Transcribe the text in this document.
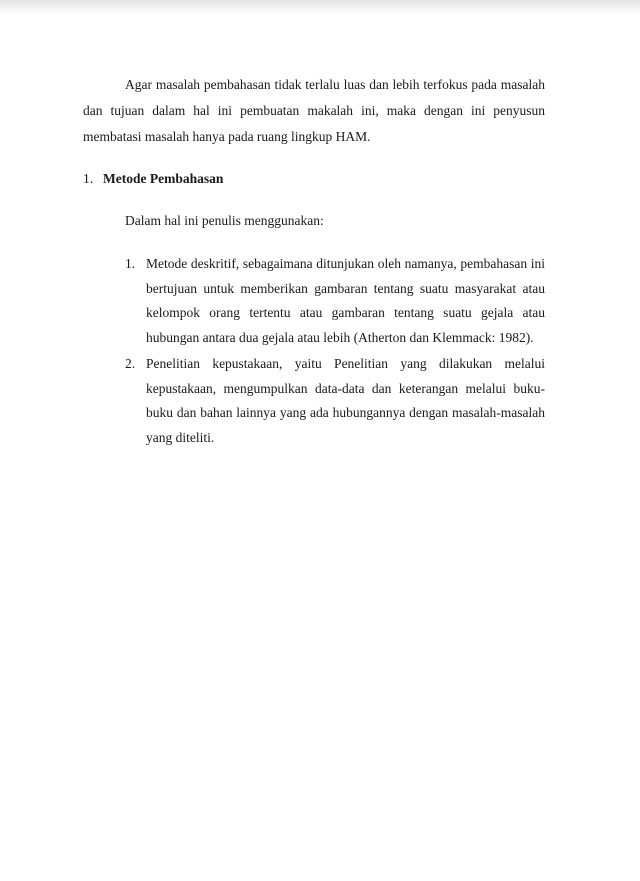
Agar masalah pembahasan tidak terlalu luas dan lebih terfokus pada masalah dan tujuan dalam hal ini pembuatan makalah ini, maka dengan ini penyusun membatasi masalah hanya pada ruang lingkup HAM.

1. Metode Pembahasan

Dalam hal ini penulis menggunakan:

1. Metode deskritif, sebagaimana ditunjukan oleh namanya, pembahasan ini bertujuan untuk memberikan gambaran tentang suatu masyarakat atau kelompok orang tertentu atau gambaran tentang suatu gejala atau hubungan antara dua gejala atau lebih (Atherton dan Klemmack: 1982).
2. Penelitian kepustakaan, yaitu Penelitian yang dilakukan melalui kepustakaan, mengumpulkan data-data dan keterangan melalui buku-buku dan bahan lainnya yang ada hubungannya dengan masalah-masalah yang diteliti.
